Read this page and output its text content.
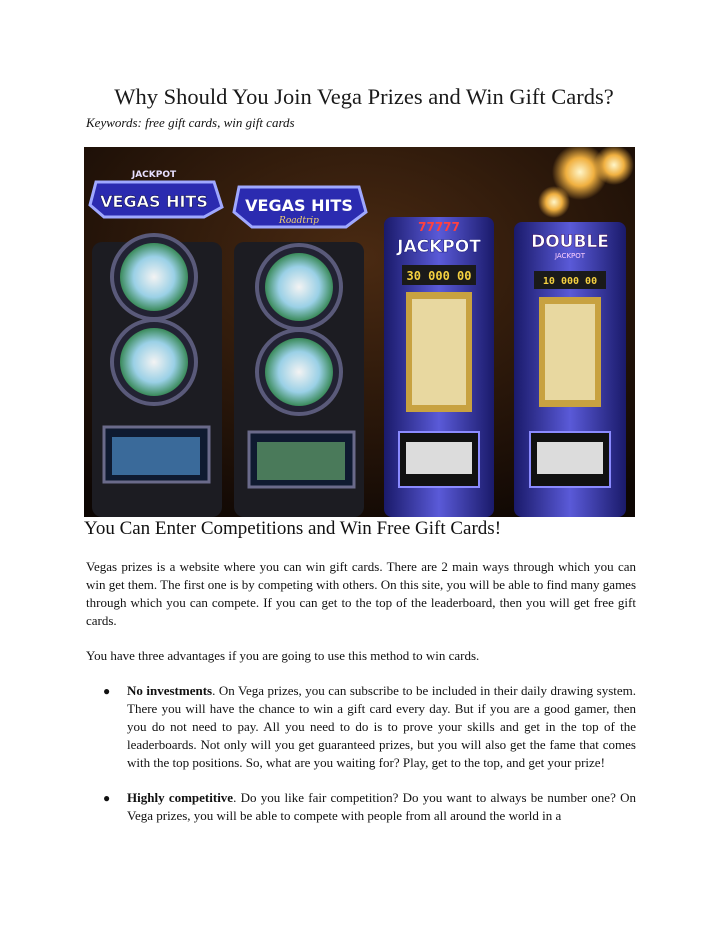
Why Should You Join Vega Prizes and Win Gift Cards?
Keywords: free gift cards, win gift cards
VEGAS HITS
JACKPOT
VEGAS HITS
Roadtrip	77777
JACKPOT
30 000 00
DOUBLE
JACKPOT
10 000 00
You Can Enter Competitions and Win Free Gift Cards!

Vegas prizes is a website where you can win gift cards. There are 2 main ways through which you can win get them. The first one is by competing with others. On this site, you will be able to find many games through which you can compete. If you can get to the top of the leaderboard, then you will get free gift cards.

You have three advantages if you are going to use this method to win cards.

● No investments. On Vega prizes, you can subscribe to be included in their daily drawing system. There you will have the chance to win a gift card every day. But if you are a good gamer, then you do not need to pay. All you need to do is to prove your skills and get in the top of the leaderboards. Not only will you get guaranteed prizes, but you will also get the fame that comes with the top positions. So, what are you waiting for? Play, get to the top, and get your prize!
● Highly competitive. Do you like fair competition? Do you want to always be number one? On Vega prizes, you will be able to compete with people from all around the world in a
